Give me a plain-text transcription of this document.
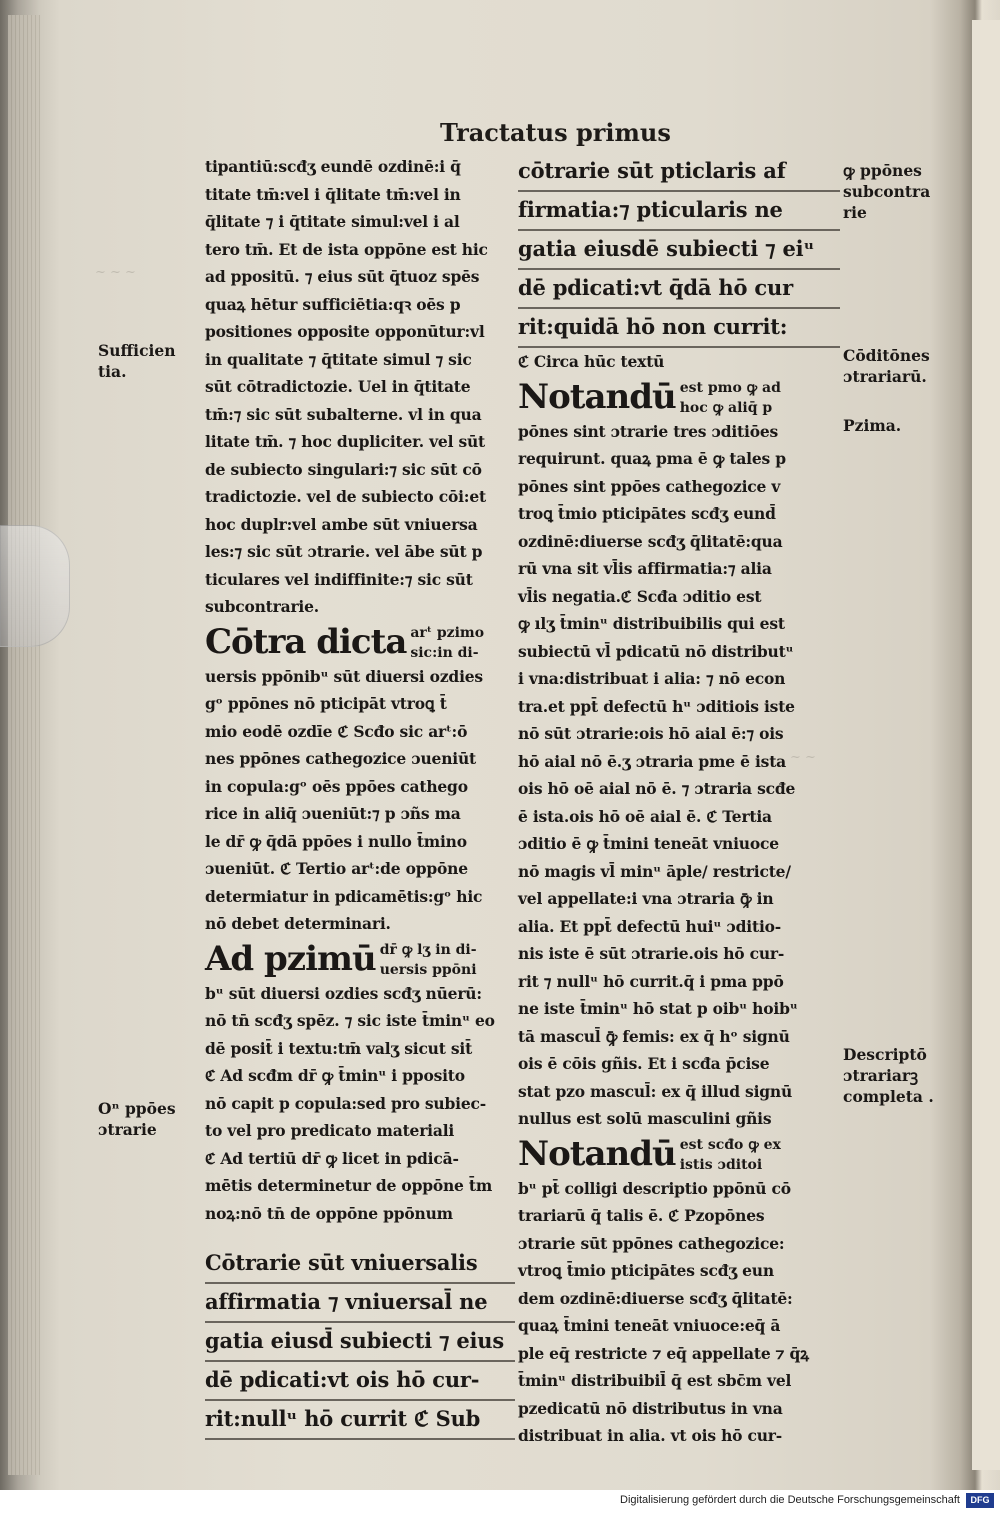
~ ~ ~
~ ~
Tractatus primus
tipantiū:scđʒ eundē ozdinē:i q̄
titate tm̄:vel i q̄litate tm̄:vel in
q̄litate ⁊ i q̄titate simul:vel i al
tero tm̄. Et de ista oppōne est hic
ad ppositū. ⁊ eius sūt q̄tuoz spēs
quaꝝ hētur sufficiētia:qꝛ oēs p
positiones opposite opponūtur:vl
in qualitate ⁊ q̄titate simul ⁊ sic
sūt cōtradictozie. Uel in q̄titate
tm̄:⁊ sic sūt subalterne. vl in qua
litate tm̄. ⁊ hoc dupliciter. vel sūt
de subiecto singulari:⁊ sic sūt cō
tradictozie. vel de subiecto cōi:et
hoc duplr:vel ambe sūt vniuersa
les:⁊ sic sūt ɔtrarie. vel ābe sūt p
ticulares vel indiffinite:⁊ sic sūt
subcontrarie.
Cōtra dicta arᵗ pzimo
sic:in di-
uersis ppōnibᵘ sūt diuersi ozdies
gᵒ ppōnes nō pticipāt vtroꝗ t̄
mio eodē ozdīe ℭ Scđo sic arᵗ:ō
nes ppōnes cathegozice ɔueniūt
in copula:gᵒ oēs ppōes cathego
rice in aliq̄ ɔueniūt:⁊ p ɔñs ma
le dr̄ ꝙ q̄dā ppōes i nullo t̄mino
ɔueniūt. ℭ Tertio arᵗ:de oppōne
determiatur in pdicamētis:gᵒ hic
nō debet determinari.
Ad pzimū dr̄ ꝙ lʒ in di-
uersis ppōni
bᵘ sūt diuersi ozdies scđʒ nūerū:
nō tn̄ scđʒ spēz. ⁊ sic iste t̄minᵘ eo
dē posit̄ i textu:tm̄ valʒ sicut sit̄
ℭ Ad scđm dr̄ ꝙ t̄minᵘ i pposito
nō capit p copula:sed pro subiec-
to vel pro predicato materiali
ℭ Ad tertiū dr̄ ꝙ licet in pdicā-
mētis determinetur de oppōne t̄m
noꝝ:nō tn̄ de oppōne ppōnum
Cōtrarie sūt vniuersalis
affirmatia ⁊ vniuersal̄ ne
gatia eiusd̄ subiecti ⁊ eius
dē pdicati:vt ois hō cur-
rit:nullᵘ hō currit ℭ Sub
cōtrarie sūt pticlaris af
firmatia:⁊ pticularis ne
gatia eiusdē subiecti ⁊ eiᵘ
dē pdicati:vt q̄dā hō cur
rit:quidā hō non currit:
ℭ Circa hūc textū
Notandū est pmo ꝙ ad
hoc ꝙ aliq̄ p
pōnes sint ɔtrarie tres ɔditiōes
requirunt. quaꝝ pma ē ꝙ tales p
pōnes sint ppōes cathegozice v
troꝗ t̄mio pticipātes scđʒ eund̄
ozdinē:diuerse scđʒ q̄litatē:qua
rū vna sit vl̄is affirmatia:⁊ alia
vl̄is negatia.ℭ Scđa ɔditio est
ꝙ ılʒ t̄minᵘ distribuibilis qui est
subiectū vl̄ pdicatū nō distributᵘ
i vna:distribuat i alia: ⁊ nō econ
tra.et ppt̄ defectū hᵘ ɔditiois iste
nō sūt ɔtrarie:ois hō aial ē:⁊ ois
hō aial nō ē.ʒ ɔtraria pme ē ista
ois hō oē aial nō ē. ⁊ ɔtraria scđe
ē ista.ois hō oē aial ē. ℭ Tertia
ɔditio ē ꝙ t̄mini teneāt vniuoce
nō magis vl̄ minᵘ āple/ restricte/
vel appellate:i vna ɔtraria ꝙ̄ in
alia. Et ppt̄ defectū huiᵘ ɔditio-
nis iste ē sūt ɔtrarie.ois hō cur-
rit ⁊ nullᵘ hō currit.q̄ i pma ppō
ne iste t̄minᵘ hō stat p oibᵘ hoibᵘ
tā mascul̄ ꝙ̄ femis: ex q̄ hᵒ signū
ois ē cōis gñis. Et i scđa p̄cise
stat pzo mascul̄: ex q̄ illud signū
nullus est solū masculini gñis
Notandū est scđo ꝙ ex
istis ɔditoi
bᵘ pt̄ colligi descriptio ppōnū cō
trariarū q̄ talis ē. ℭ Pzopōnes
ɔtrarie sūt ppōnes cathegozice:
vtroꝗ t̄mio pticipātes scđʒ eun
dem ozdinē:diuerse scđʒ q̄litatē:
quaꝝ t̄mini teneāt vniuoce:eq̄ ā
ple eq̄ restricte ⁊ eq̄ appellate ⁊ q̄ꝝ
t̄minᵘ distribuibil̄ q̄ est sbc̄m vel
pzedicatū nō distributus in vna
distribuat in alia. vt ois hō cur-
Sufficien
tia.
Oⁿ ppōes
ɔtrarie
ꝙ ppōnes
subcontra
rie
Cōditōnes
ɔtrariarū.
Pzima.
Descriptō
ɔtrariarꝫ
completa .
Digitalisierung gefördert durch die Deutsche Forschungsgemeinschaft	DFG
